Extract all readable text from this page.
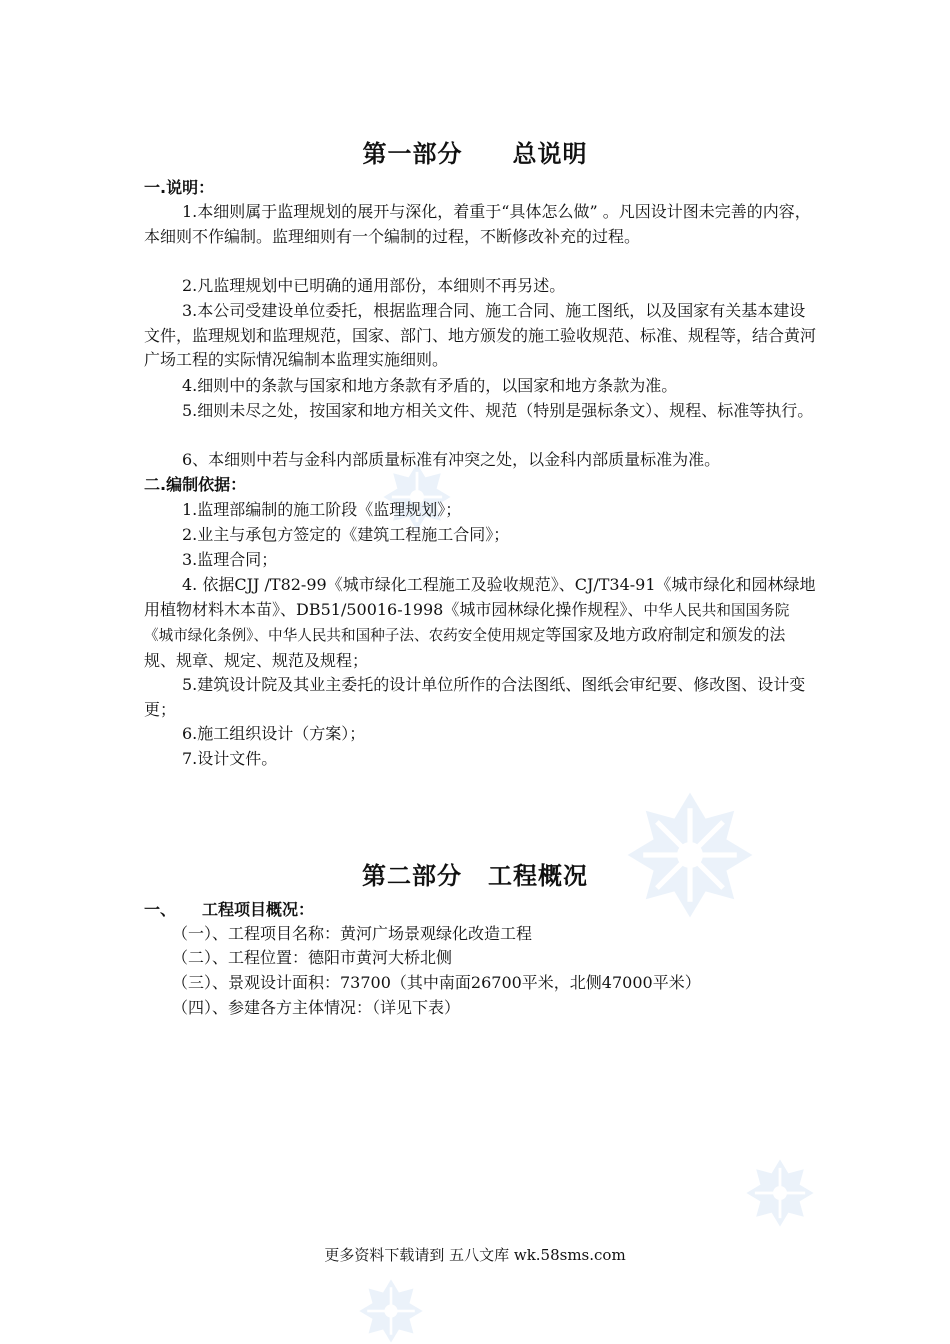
第一部分 总说明
一.说明：
1.本细则属于监理规划的展开与深化，着重于“具体怎么做” 。凡因设计图未完善的内容，本细则不作编制。监理细则有一个编制的过程，不断修改补充的过程。
2.凡监理规划中已明确的通用部份，本细则不再另述。
3.本公司受建设单位委托，根据监理合同、施工合同、施工图纸，以及国家有关基本建设文件，监理规划和监理规范，国家、部门、地方颁发的施工验收规范、标准、规程等，结合黄河广场工程的实际情况编制本监理实施细则。
4.细则中的条款与国家和地方条款有矛盾的，以国家和地方条款为准。
5.细则未尽之处，按国家和地方相关文件、规范（特别是强标条文）、规程、标准等执行。
6、本细则中若与金科内部质量标准有冲突之处，以金科内部质量标准为准。
二.编制依据：
1.监理部编制的施工阶段《监理规划》；
2.业主与承包方签定的《建筑工程施工合同》；
3.监理合同；
4. 依据CJJ /T82-99《城市绿化工程施工及验收规范》、CJ/T34-91《城市绿化和园林绿地用植物材料木本苗》、DB51/50016-1998《城市园林绿化操作规程》、中华人民共和国国务院《城市绿化条例》、中华人民共和国种子法、农药安全使用规定等国家及地方政府制定和颁发的法规、规章、规定、规范及规程；
5.建筑设计院及其业主委托的设计单位所作的合法图纸、图纸会审纪要、修改图、设计变更；
6.施工组织设计（方案）；
7.设计文件。
第二部分 工程概况
一、 工程项目概况：
（一）、工程项目名称：黄河广场景观绿化改造工程
（二）、工程位置：德阳市黄河大桥北侧
（三）、景观设计面积：73700（其中南面26700平米，北侧47000平米）
（四）、参建各方主体情况：（详见下表）
更多资料下载请到 五八文库 wk.58sms.com
